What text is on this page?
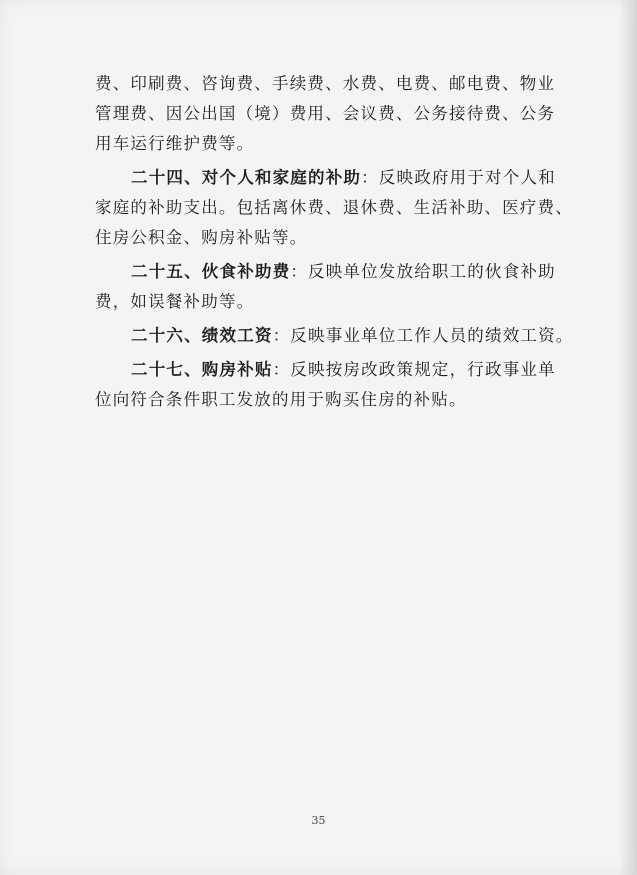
费、印刷费、咨询费、手续费、水费、电费、邮电费、物业
管理费、因公出国（境）费用、会议费、公务接待费、公务
用车运行维护费等。
二十四、对个人和家庭的补助：反映政府用于对个人和
家庭的补助支出。包括离休费、退休费、生活补助、医疗费、
住房公积金、购房补贴等。
二十五、伙食补助费：反映单位发放给职工的伙食补助
费，如误餐补助等。
二十六、绩效工资：反映事业单位工作人员的绩效工资。
二十七、购房补贴：反映按房改政策规定，行政事业单
位向符合条件职工发放的用于购买住房的补贴。
35
